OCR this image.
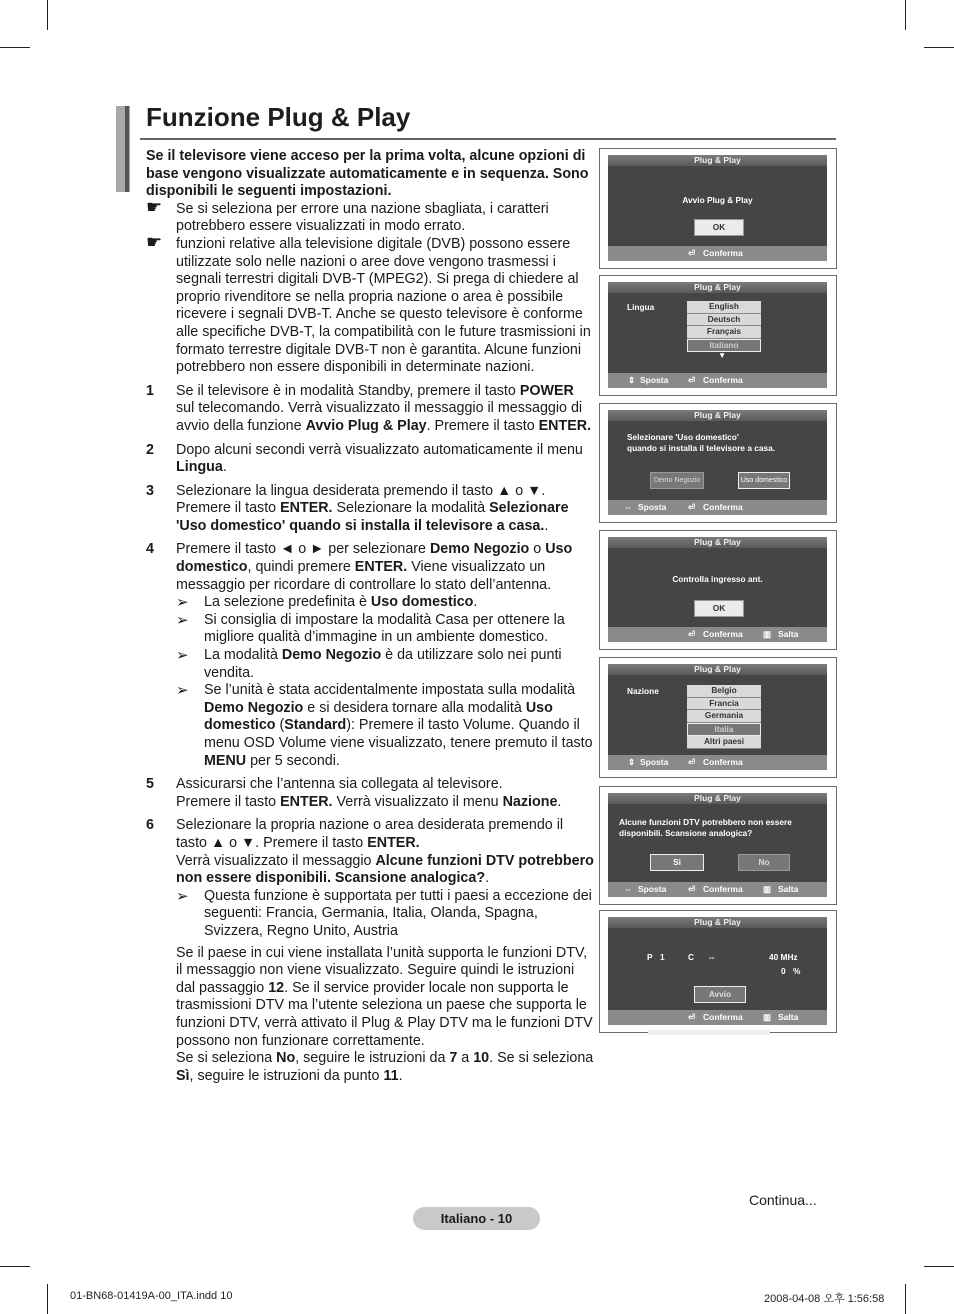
Funzione Plug & Play

Se il televisore viene acceso per la prima volta, alcune opzioni di base vengono visualizzate automaticamente e in sequenza. Sono disponibili le seguenti impostazioni.

☛ Se si seleziona per errore una nazione sbagliata, i caratteri potrebbero essere visualizzati in modo errato.

☛ funzioni relative alla televisione digitale (DVB) possono essere utilizzate solo nelle nazioni o aree dove vengono trasmessi i segnali terrestri digitali DVB-T (MPEG2). Si prega di chiedere al proprio rivenditore se nella propria nazione o area è possibile ricevere i segnali DVB-T. Anche se questo televisore è conforme alle specifiche DVB-T, la compatibilità con le future trasmissioni in formato terrestre digitale DVB-T non è garantita. Alcune funzioni potrebbero non essere disponibili in determinate nazioni.

1 Se il televisore è in modalità Standby, premere il tasto POWER sul telecomando. Verrà visualizzato il messaggio il messaggio di avvio della funzione Avvio Plug & Play. Premere il tasto ENTER.

2 Dopo alcuni secondi verrà visualizzato automaticamente il menu Lingua.

3 Selezionare la lingua desiderata premendo il tasto ▲ o ▼.
Premere il tasto ENTER. Selezionare la modalità Selezionare 'Uso domestico' quando si installa il televisore a casa..

4 Premere il tasto ◄ o ► per selezionare Demo Negozio o Uso domestico, quindi premere ENTER. Viene visualizzato un messaggio per ricordare di controllare lo stato dell’antenna.

➢ La selezione predefinita è Uso domestico.

➢ Si consiglia di impostare la modalità Casa per ottenere la migliore qualità d’immagine in un ambiente domestico.

➢ La modalità Demo Negozio è da utilizzare solo nei punti vendita.

➢ Se l’unità è stata accidentalmente impostata sulla modalità Demo Negozio e si desidera tornare alla modalità Uso domestico (Standard): Premere il tasto Volume. Quando il menu OSD Volume viene visualizzato, tenere premuto il tasto MENU per 5 secondi.

5 Assicurarsi che l’antenna sia collegata al televisore.
Premere il tasto ENTER. Verrà visualizzato il menu Nazione.

6 Selezionare la propria nazione o area desiderata premendo il tasto ▲ o ▼. Premere il tasto ENTER.
Verrà visualizzato il messaggio Alcune funzioni DTV potrebbero non essere disponibili. Scansione analogica?.

➢ Questa funzione è supportata per tutti i paesi a eccezione dei seguenti: Francia, Germania, Italia, Olanda, Spagna, Svizzera, Regno Unito, Austria

Se il paese in cui viene installata l’unità supporta le funzioni DTV, il messaggio non viene visualizzato. Seguire quindi le istruzioni dal passaggio 12. Se il service provider locale non supporta le trasmissioni DTV ma l’utente seleziona un paese che supporta le funzioni DTV, verrà attivato il Plug & Play DTV ma le funzioni DTV possono non funzionare correttamente.
Se si seleziona No, seguire le istruzioni da 7 a 10. Se si seleziona Sì, seguire le istruzioni da punto 11.

Plug & Play
Avvio Plug & Play
OK
⏎ Conferma
Plug & Play
Lingua	English
Deutsch
Français
Italiano
▼
⇕ Sposta ⏎ Conferma
Plug & Play
Selezionare 'Uso domestico'
quando si installa il televisore a casa.
Demo Negozio	Uso domestico
⇔ Sposta	⏎ Conferma
Plug & Play
Controlla ingresso ant.
OK
⏎ Conferma ▥ Salta
Plug & Play
Nazione	Belgio
Francia
Germania
Italia
Altri paesi
⇕ Sposta ⏎ Conferma
Plug & Play
Alcune funzioni DTV potrebbero non essere
disponibili. Scansione analogica?
Sì	No
⇔ Sposta	⏎ Conferma ▥ Salta
Plug & Play
P 1	C --	40 MHz
0 %
Avvio
⏎ Conferma ▥ Salta
Continua...
Italiano - 10
01-BN68-01419A-00_ITA.indd 10	2008-04-08 오후 1:56:58
